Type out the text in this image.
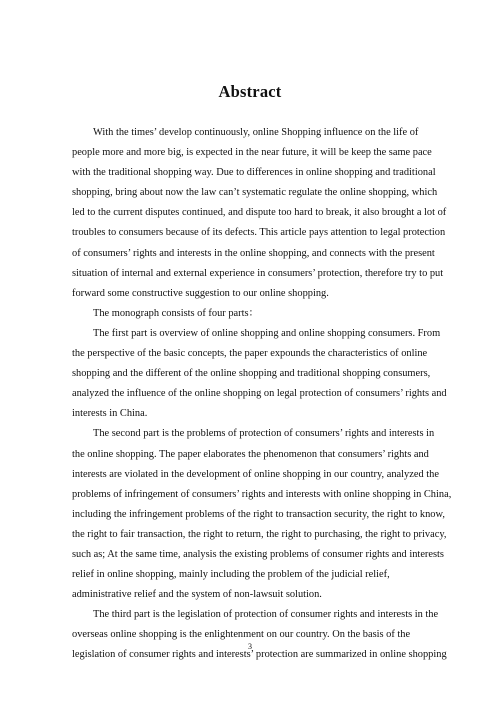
Abstract
With the times’ develop continuously, online Shopping influence on the life of
people more and more big, is expected in the near future, it will be keep the same pace
with the traditional shopping way. Due to differences in online shopping and traditional
shopping, bring about now the law can’t systematic regulate the online shopping, which
led to the current disputes continued, and dispute too hard to break, it also brought a lot of
troubles to consumers because of its defects. This article pays attention to legal protection
of consumers’ rights and interests in the online shopping, and connects with the present
situation of internal and external experience in consumers’ protection, therefore try to put
forward some constructive suggestion to our online shopping.
The monograph consists of four parts：
The first part is overview of online shopping and online shopping consumers. From
the perspective of the basic concepts, the paper expounds the characteristics of online
shopping and the different of the online shopping and traditional shopping consumers,
analyzed the influence of the online shopping on legal protection of consumers’ rights and
interests in China.
The second part is the problems of protection of consumers’ rights and interests in
the online shopping. The paper elaborates the phenomenon that consumers’ rights and
interests are violated in the development of online shopping in our country, analyzed the
problems of infringement of consumers’ rights and interests with online shopping in China,
including the infringement problems of the right to transaction security, the right to know,
the right to fair transaction, the right to return, the right to purchasing, the right to privacy,
such as; At the same time, analysis the existing problems of consumer rights and interests
relief in online shopping, mainly including the problem of the judicial relief,
administrative relief and the system of non-lawsuit solution.
The third part is the legislation of protection of consumer rights and interests in the
overseas online shopping is the enlightenment on our country. On the basis of the
legislation of consumer rights and interests’ protection are summarized in online shopping
3
